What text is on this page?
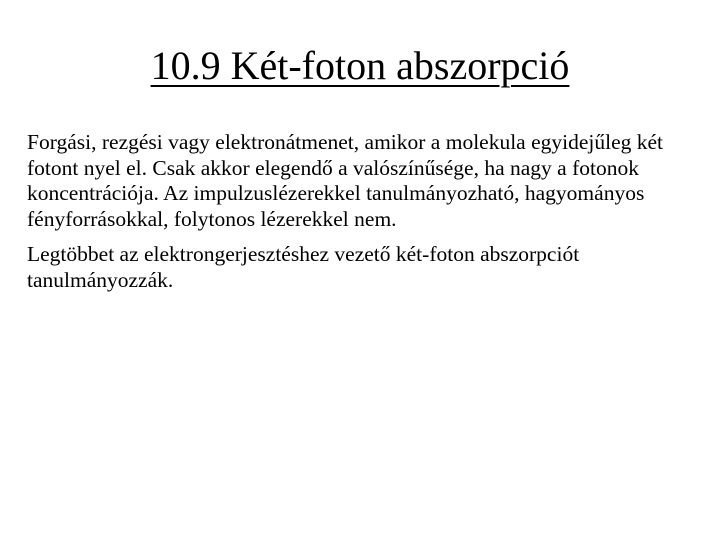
10.9 Két-foton abszorpció

Forgási, rezgési vagy elektronátmenet, amikor a molekula egyidejűleg két fotont nyel el. Csak akkor elegendő a valószínűsége, ha nagy a fotonok koncentrációja. Az impulzuslézerekkel tanulmányozható, hagyományos fényforrásokkal, folytonos lézerekkel nem.

Legtöbbet az elektrongerjesztéshez vezető két-foton abszorpciót tanulmányozzák.
